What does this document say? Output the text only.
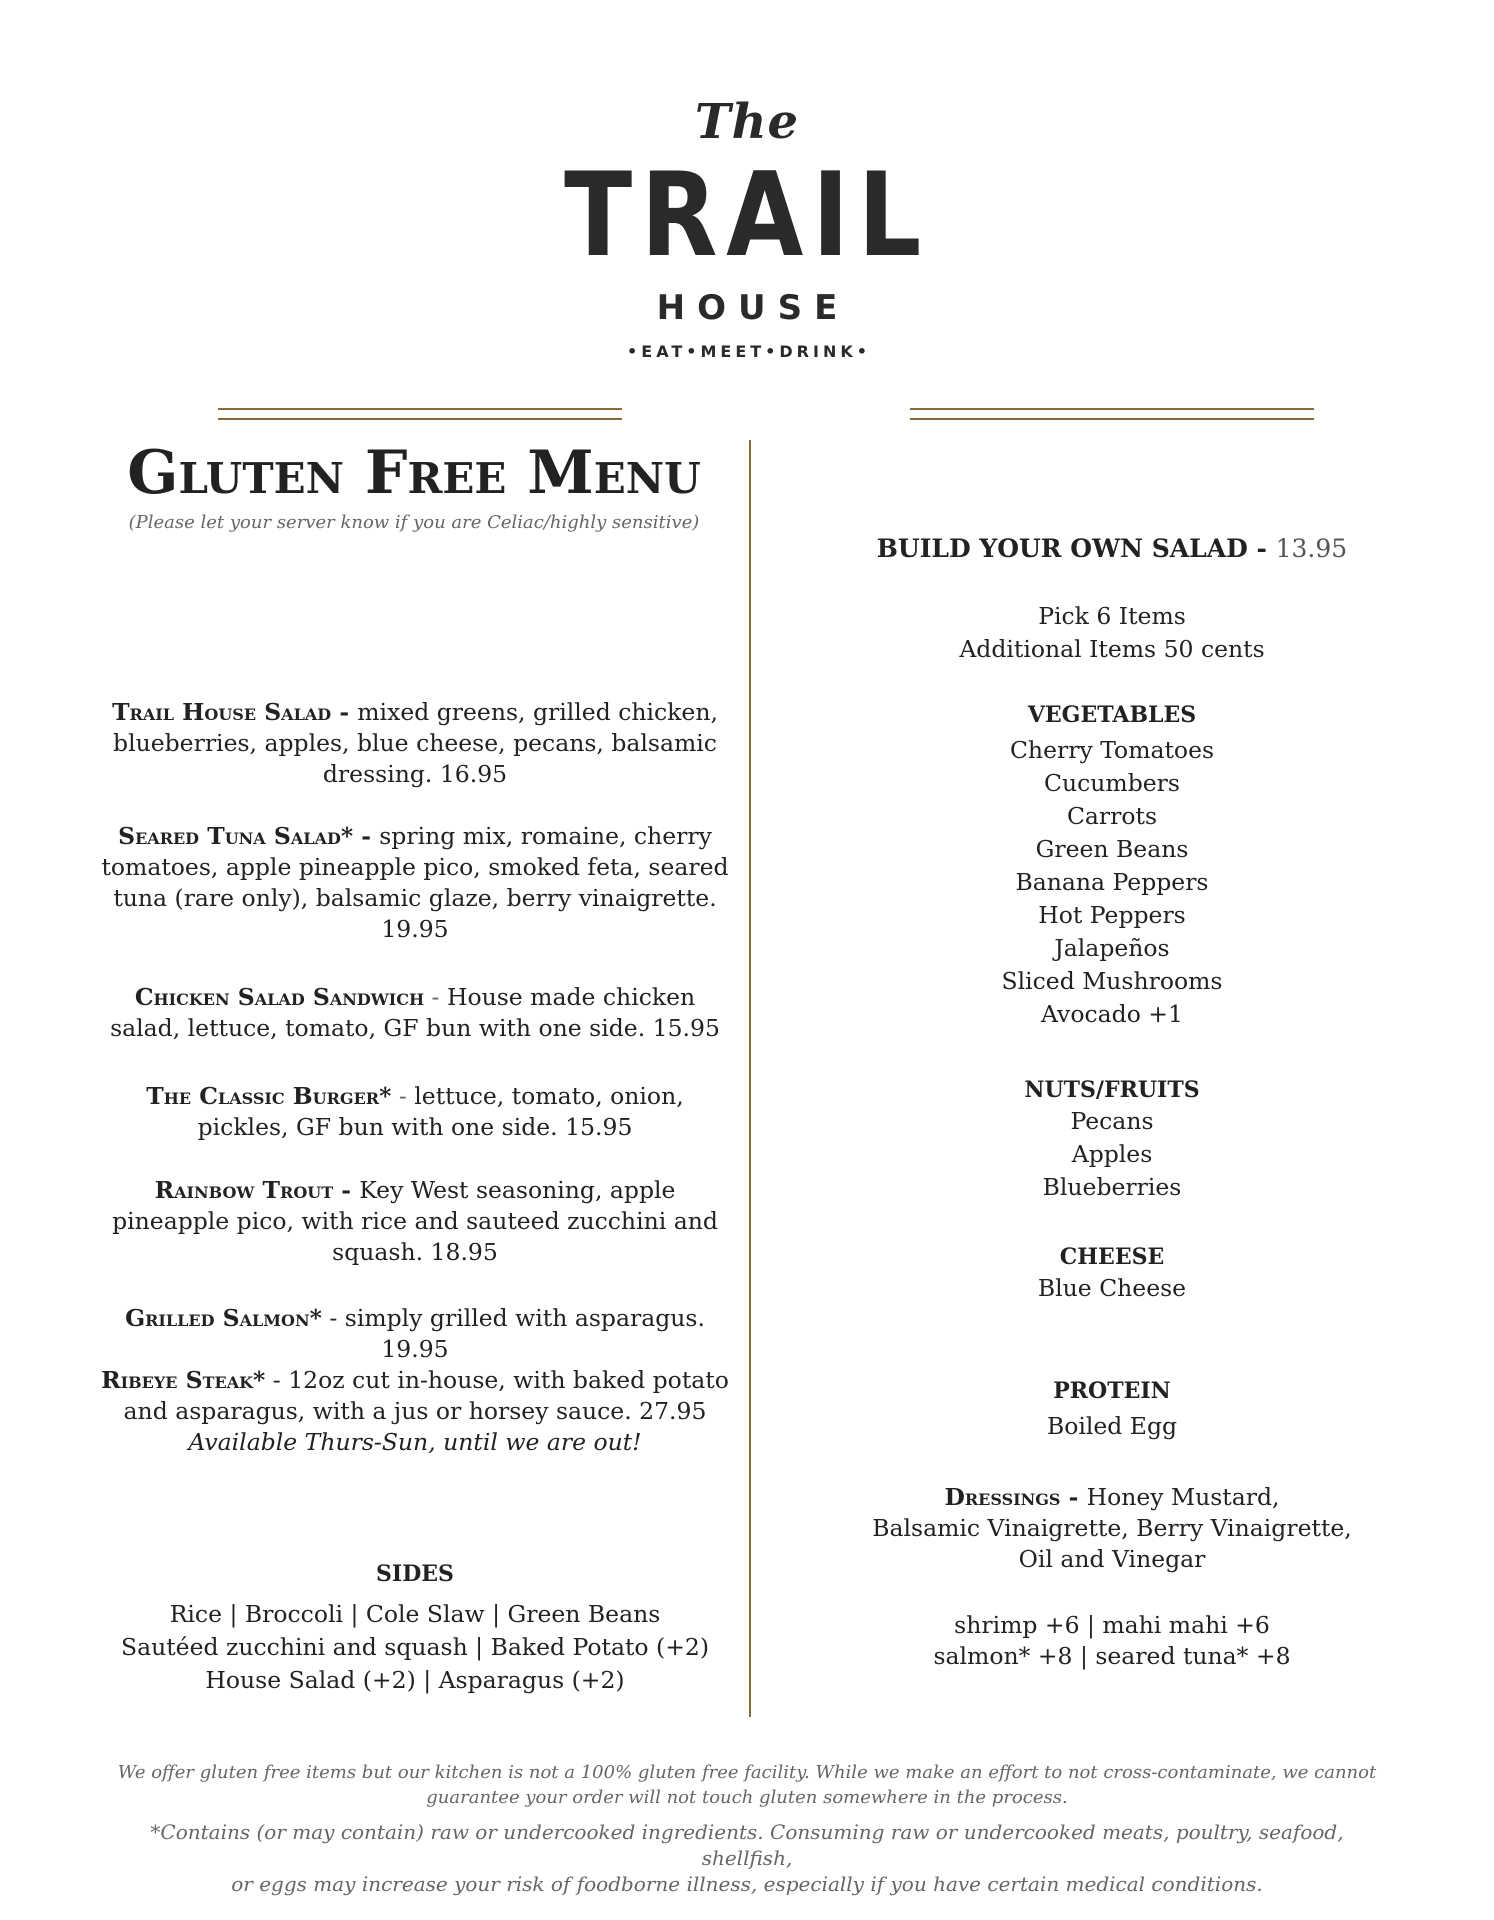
The
TRAIL
HOUSE
•EAT•MEET•DRINK•
Gluten Free Menu
(Please let your server know if you are Celiac/highly sensitive)
Trail House Salad - mixed greens, grilled chicken, blueberries, apples, blue cheese, pecans, balsamic dressing. 16.95
Seared Tuna Salad* - spring mix, romaine, cherry tomatoes, apple pineapple pico, smoked feta, seared tuna (rare only), balsamic glaze, berry vinaigrette. 19.95
Chicken Salad Sandwich - House made chicken salad, lettuce, tomato, GF bun with one side. 15.95
The Classic Burger* - lettuce, tomato, onion, pickles, GF bun with one side. 15.95
Rainbow Trout - Key West seasoning, apple pineapple pico, with rice and sauteed zucchini and squash. 18.95
Grilled Salmon* - simply grilled with asparagus. 19.95
Ribeye Steak* - 12oz cut in-house, with baked potato and asparagus, with a jus or horsey sauce. 27.95
Available Thurs-Sun, until we are out!
SIDES
Rice | Broccoli | Cole Slaw | Green Beans
Sautéed zucchini and squash | Baked Potato (+2)
House Salad (+2) | Asparagus (+2)
BUILD YOUR OWN SALAD - 13.95
Pick 6 Items
Additional Items 50 cents
VEGETABLES
Cherry Tomatoes
Cucumbers
Carrots
Green Beans
Banana Peppers
Hot Peppers
Jalapeños
Sliced Mushrooms
Avocado +1
NUTS/FRUITS
Pecans
Apples
Blueberries
CHEESE
Blue Cheese
PROTEIN
Boiled Egg
Dressings - Honey Mustard,
Balsamic Vinaigrette, Berry Vinaigrette,
Oil and Vinegar
shrimp +6 | mahi mahi +6
salmon* +8 | seared tuna* +8
We offer gluten free items but our kitchen is not a 100% gluten free facility. While we make an effort to not cross-contaminate, we cannot
guarantee your order will not touch gluten somewhere in the process.
*Contains (or may contain) raw or undercooked ingredients. Consuming raw or undercooked meats, poultry, seafood, shellfish,
or eggs may increase your risk of foodborne illness, especially if you have certain medical conditions.
